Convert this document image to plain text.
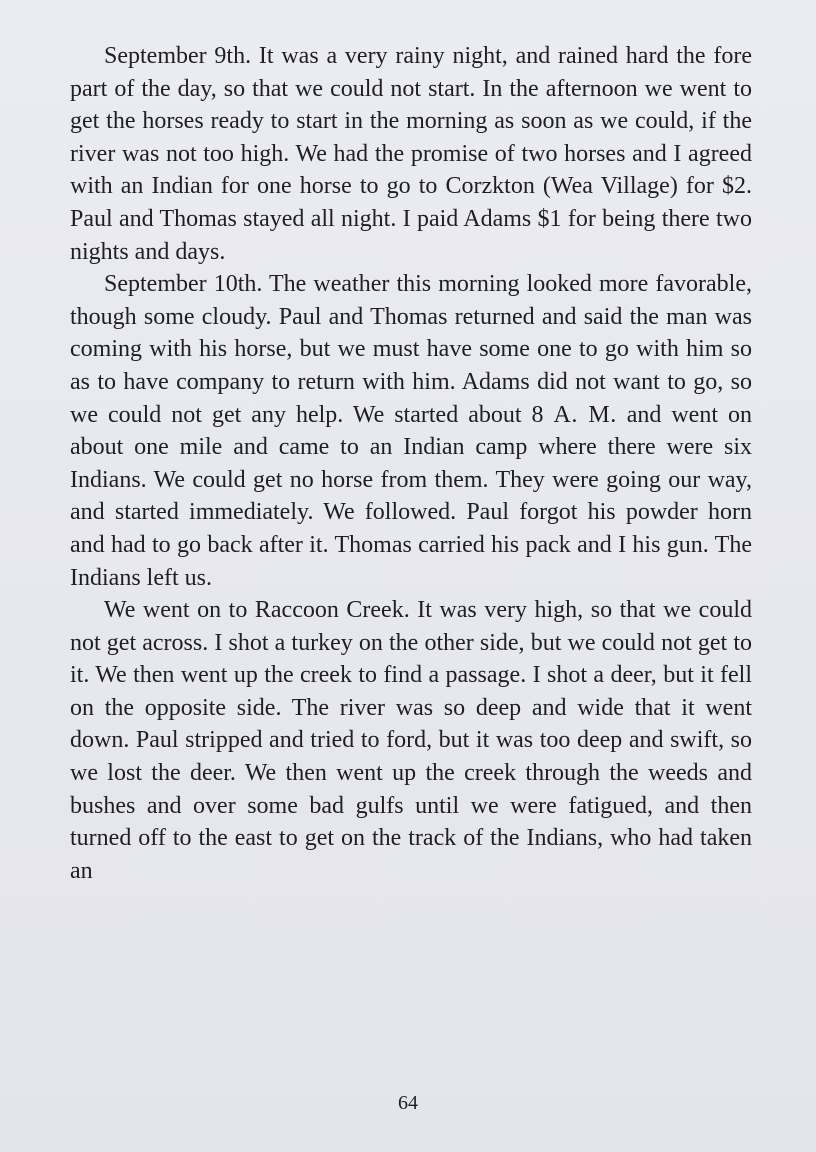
September 9th. It was a very rainy night, and rained hard the fore part of the day, so that we could not start. In the afternoon we went to get the horses ready to start in the morning as soon as we could, if the river was not too high. We had the promise of two horses and I agreed with an Indian for one horse to go to Corzkton (Wea Village) for $2. Paul and Thomas stayed all night. I paid Adams $1 for being there two nights and days.

September 10th. The weather this morning looked more favorable, though some cloudy. Paul and Thomas returned and said the man was coming with his horse, but we must have some one to go with him so as to have company to return with him. Adams did not want to go, so we could not get any help. We started about 8 A. M. and went on about one mile and came to an Indian camp where there were six Indians. We could get no horse from them. They were going our way, and started immediately. We followed. Paul forgot his powder horn and had to go back after it. Thomas carried his pack and I his gun. The Indians left us.

We went on to Raccoon Creek. It was very high, so that we could not get across. I shot a turkey on the other side, but we could not get to it. We then went up the creek to find a passage. I shot a deer, but it fell on the opposite side. The river was so deep and wide that it went down. Paul stripped and tried to ford, but it was too deep and swift, so we lost the deer. We then went up the creek through the weeds and bushes and over some bad gulfs until we were fatigued, and then turned off to the east to get on the track of the Indians, who had taken an

64
